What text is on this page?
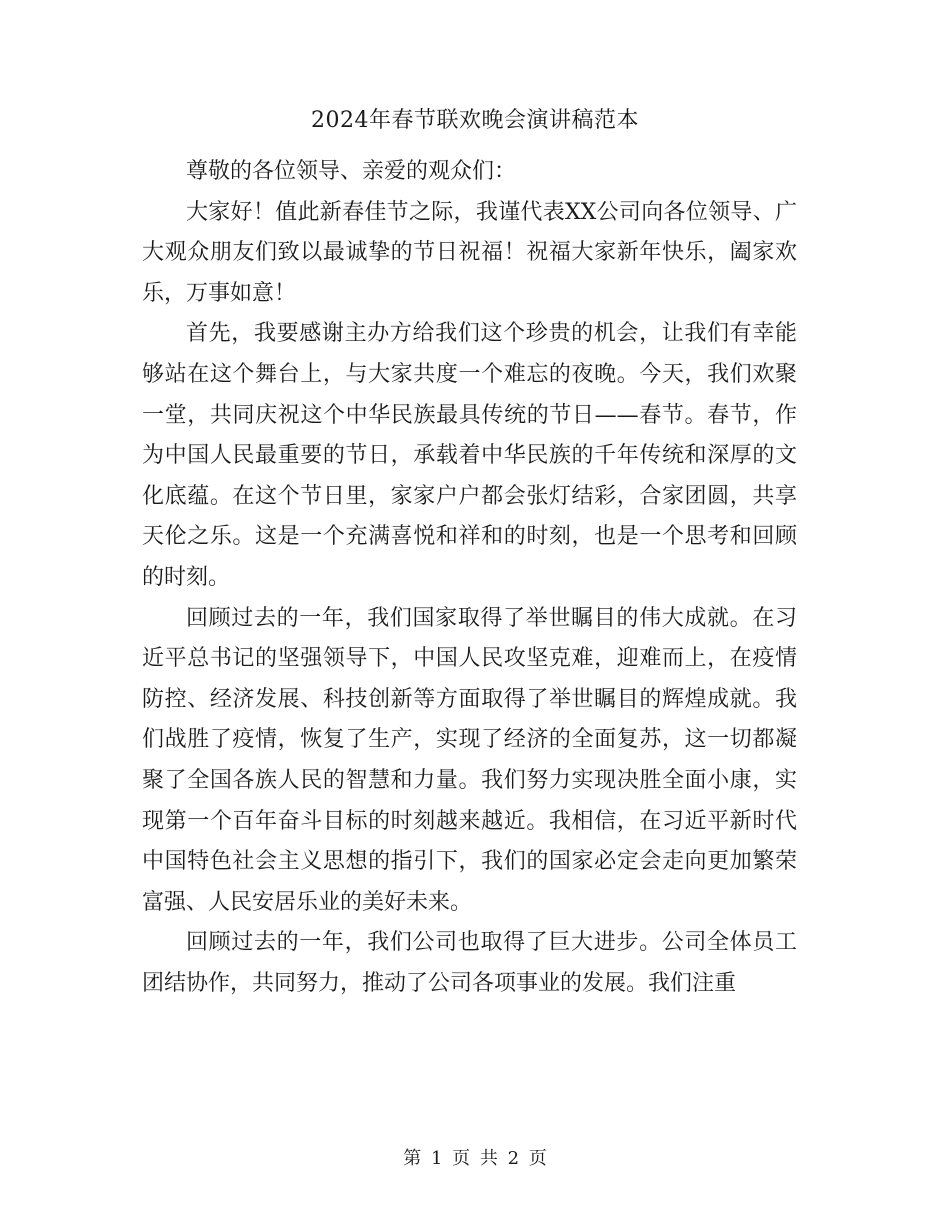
2024年春节联欢晚会演讲稿范本

尊敬的各位领导、亲爱的观众们：

大家好！值此新春佳节之际，我谨代表XX公司向各位领导、广大观众朋友们致以最诚挚的节日祝福！祝福大家新年快乐，阖家欢乐，万事如意！

首先，我要感谢主办方给我们这个珍贵的机会，让我们有幸能够站在这个舞台上，与大家共度一个难忘的夜晚。今天，我们欢聚一堂，共同庆祝这个中华民族最具传统的节日——春节。春节，作为中国人民最重要的节日，承载着中华民族的千年传统和深厚的文化底蕴。在这个节日里，家家户户都会张灯结彩，合家团圆，共享天伦之乐。这是一个充满喜悦和祥和的时刻，也是一个思考和回顾的时刻。

回顾过去的一年，我们国家取得了举世瞩目的伟大成就。在习近平总书记的坚强领导下，中国人民攻坚克难，迎难而上，在疫情防控、经济发展、科技创新等方面取得了举世瞩目的辉煌成就。我们战胜了疫情，恢复了生产，实现了经济的全面复苏，这一切都凝聚了全国各族人民的智慧和力量。我们努力实现决胜全面小康，实现第一个百年奋斗目标的时刻越来越近。我相信，在习近平新时代中国特色社会主义思想的指引下，我们的国家必定会走向更加繁荣富强、人民安居乐业的美好未来。

回顾过去的一年，我们公司也取得了巨大进步。公司全体员工团结协作，共同努力，推动了公司各项事业的发展。我们注重

第 1 页 共 2 页
